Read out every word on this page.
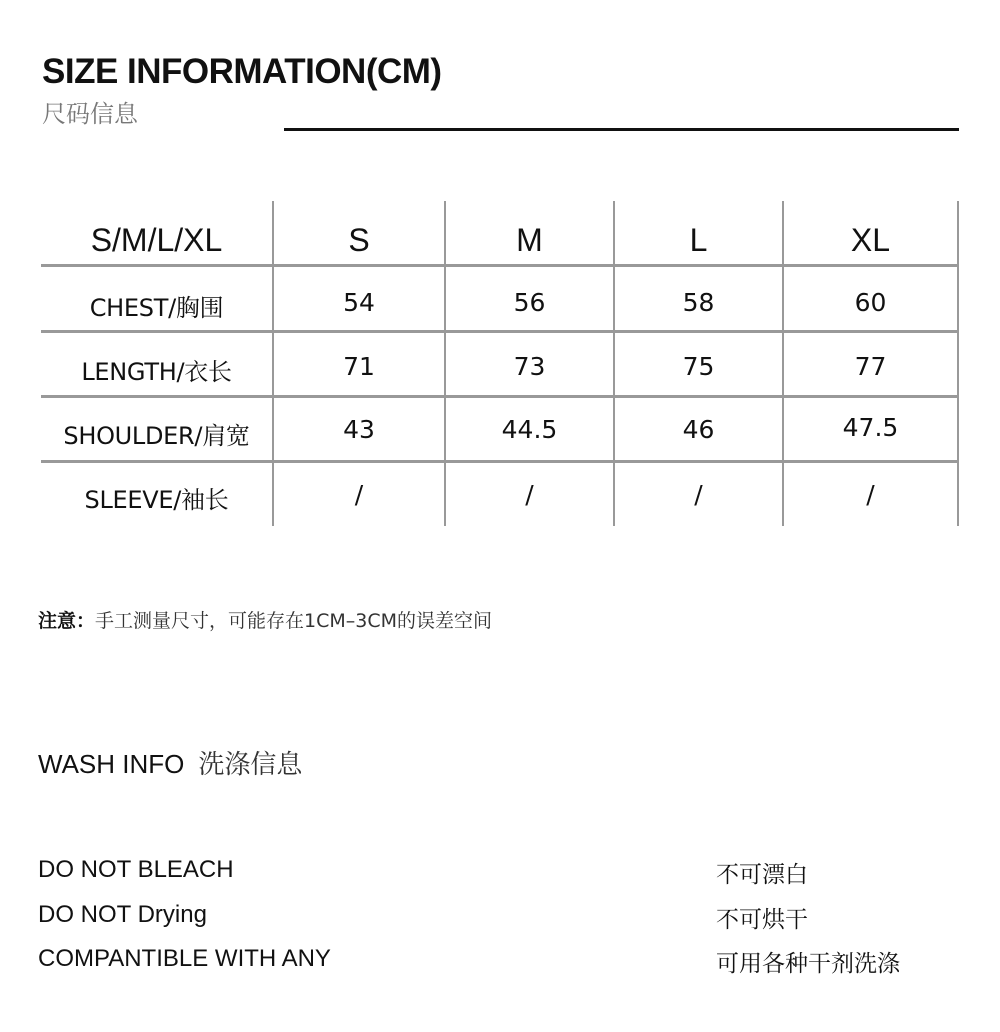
SIZE INFORMATION(CM)
尺码信息
S/M/L/XL	S	M	L	XL
CHEST/胸围	54	56	58	60
LENGTH/衣长	71	73	75	77
SHOULDER/肩宽	43	44.5	46	47.5
SLEEVE/袖长	/	/	/	/
注意：手工测量尺寸，可能存在1CM–3CM的误差空间
WASH INFO 洗涤信息
DO NOT BLEACH	不可漂白
DO NOT Drying	不可烘干
COMPANTIBLE WITH ANY	可用各种干剂洗涤
